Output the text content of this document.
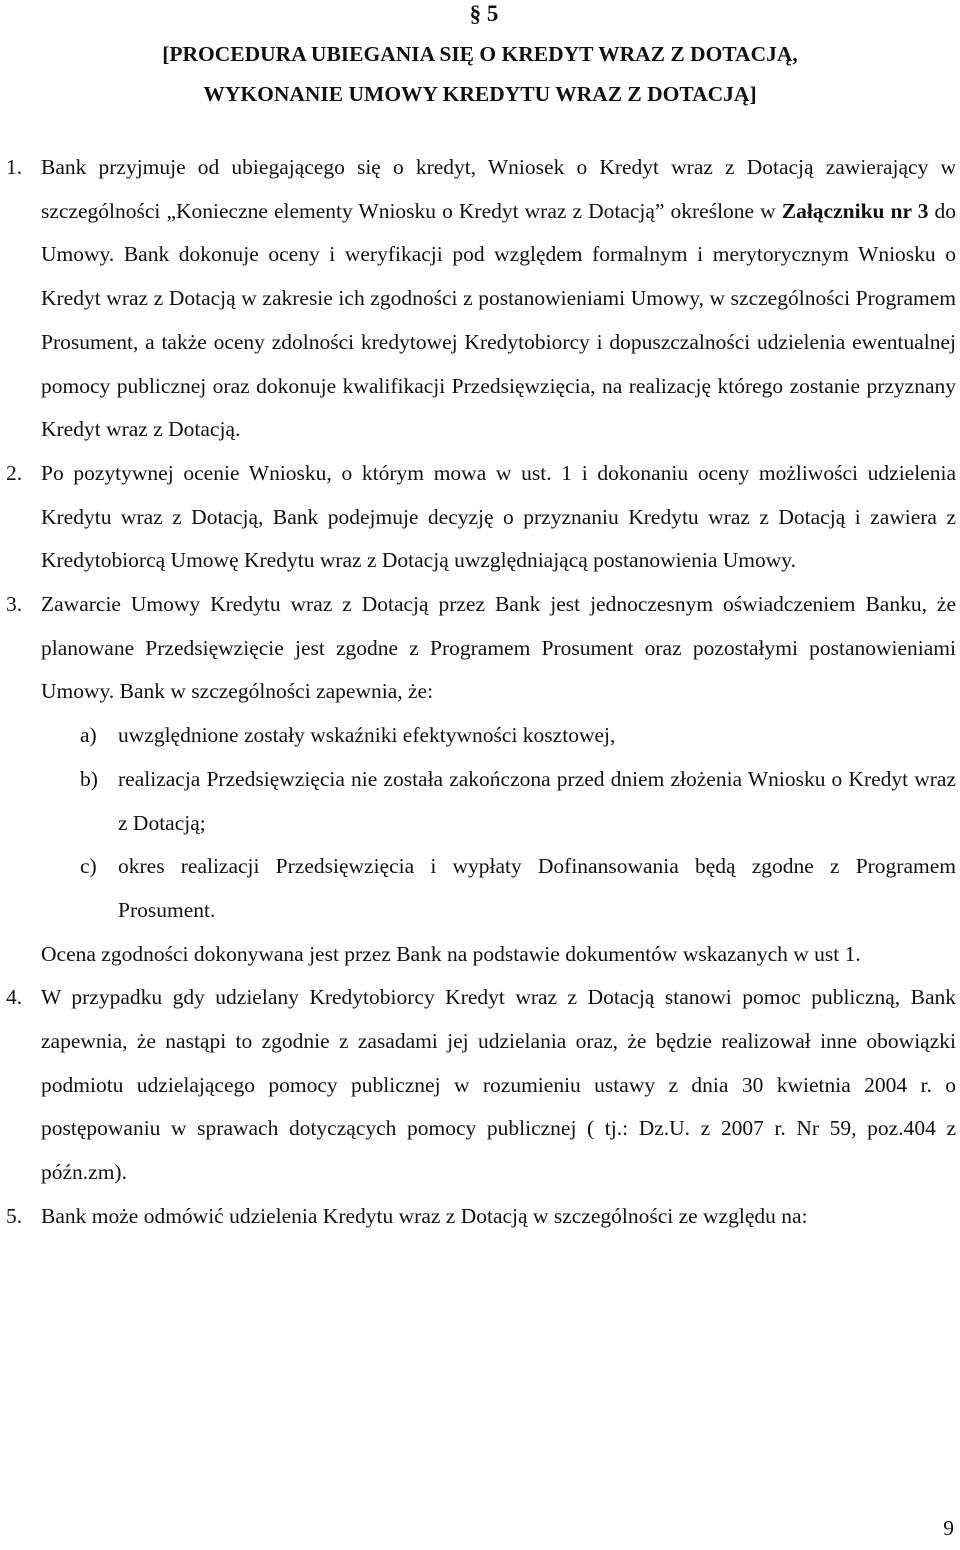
§ 5
[PROCEDURA UBIEGANIA SIĘ O KREDYT WRAZ Z DOTACJĄ,
WYKONANIE UMOWY KREDYTU WRAZ Z DOTACJĄ]
1. Bank przyjmuje od ubiegającego się o kredyt, Wniosek o Kredyt wraz z Dotacją zawierający w szczególności „Konieczne elementy Wniosku o Kredyt wraz z Dotacją” określone w Załączniku nr 3 do Umowy. Bank dokonuje oceny i weryfikacji pod względem formalnym i merytorycznym Wniosku o Kredyt wraz z Dotacją w zakresie ich zgodności z postanowieniami Umowy, w szczególności Programem Prosument, a także oceny zdolności kredytowej Kredytobiorcy i dopuszczalności udzielenia ewentualnej pomocy publicznej oraz dokonuje kwalifikacji Przedsięwzięcia, na realizację którego zostanie przyznany Kredyt wraz z Dotacją.
2. Po pozytywnej ocenie Wniosku, o którym mowa w ust. 1 i dokonaniu oceny możliwości udzielenia Kredytu wraz z Dotacją, Bank podejmuje decyzję o przyznaniu Kredytu wraz z Dotacją i zawiera z Kredytobiorcą Umowę Kredytu wraz z Dotacją uwzględniającą postanowienia Umowy.
3. Zawarcie Umowy Kredytu wraz z Dotacją przez Bank jest jednoczesnym oświadczeniem Banku, że planowane Przedsięwzięcie jest zgodne z Programem Prosument oraz pozostałymi postanowieniami Umowy. Bank w szczególności zapewnia, że:
a) uwzględnione zostały wskaźniki efektywności kosztowej,
b) realizacja Przedsięwzięcia nie została zakończona przed dniem złożenia Wniosku o Kredyt wraz z Dotacją;
c) okres realizacji Przedsięwzięcia i wypłaty Dofinansowania będą zgodne z Programem Prosument.
Ocena zgodności dokonywana jest przez Bank na podstawie dokumentów wskazanych w ust 1.
4. W przypadku gdy udzielany Kredytobiorcy Kredyt wraz z Dotacją stanowi pomoc publiczną, Bank zapewnia, że nastąpi to zgodnie z zasadami jej udzielania oraz, że będzie realizował inne obowiązki podmiotu udzielającego pomocy publicznej w rozumieniu ustawy z dnia 30 kwietnia 2004 r. o postępowaniu w sprawach dotyczących pomocy publicznej ( tj.: Dz.U. z 2007 r. Nr 59, poz.404 z późn.zm).
5. Bank może odmówić udzielenia Kredytu wraz z Dotacją w szczególności ze względu na:
9
